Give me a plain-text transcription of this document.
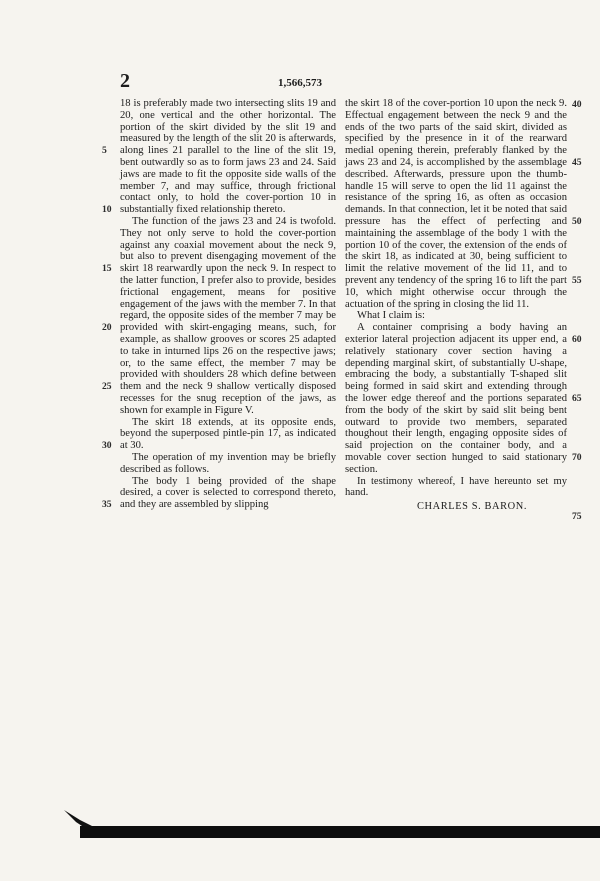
2	1,566,573

18 is preferably made two intersecting slits 19 and 20, one vertical and the other horizontal. The portion of the skirt divided by the slit 19 and measured by the length of the slit 20 is afterwards, along lines 21 parallel to the line of the slit 19, bent outwardly so as to form jaws 23 and 24. Said jaws are made to fit the opposite side walls of the member 7, and may suffice, through frictional contact only, to hold the cover-portion 10 in substantially fixed relationship thereto.

The function of the jaws 23 and 24 is twofold. They not only serve to hold the cover-portion against any coaxial movement about the neck 9, but also to prevent disengaging movement of the skirt 18 rearwardly upon the neck 9. In respect to the latter function, I prefer also to provide, besides frictional engagement, means for positive engagement of the jaws with the member 7. In that regard, the opposite sides of the member 7 may be provided with skirt-engaging means, such, for example, as shallow grooves or scores 25 adapted to take in inturned lips 26 on the respective jaws; or, to the same effect, the member 7 may be provided with shoulders 28 which define between them and the neck 9 shallow vertically disposed recesses for the snug reception of the jaws, as shown for example in Figure V.

The skirt 18 extends, at its opposite ends, beyond the superposed pintle-pin 17, as indicated at 30.

The operation of my invention may be briefly described as follows.

The body 1 being provided of the shape desired, a cover is selected to correspond thereto, and they are assembled by slipping

5
10
15
20
25
30
35

the skirt 18 of the cover-portion 10 upon the neck 9. Effectual engagement between the neck 9 and the ends of the two parts of the said skirt, divided as specified by the presence in it of the rearward medial opening therein, preferably flanked by the jaws 23 and 24, is accomplished by the assemblage described. Afterwards, pressure upon the thumb-handle 15 will serve to open the lid 11 against the resistance of the spring 16, as often as occasion demands. In that connection, let it be noted that said pressure has the effect of perfecting and maintaining the assemblage of the body 1 with the portion 10 of the cover, the extension of the ends of the skirt 18, as indicated at 30, being sufficient to limit the relative movement of the lid 11, and to prevent any tendency of the spring 16 to lift the part 10, which might otherwise occur through the actuation of the spring in closing the lid 11.

What I claim is:

A container comprising a body having an exterior lateral projection adjacent its upper end, a relatively stationary cover section having a depending marginal skirt, of substantially U-shape, embracing the body, a substantially T-shaped slit being formed in said skirt and extending through the lower edge thereof and the portions separated from the body of the skirt by said slit being bent outward to provide two members, separated thoughout their length, engaging opposite sides of said projection on the container body, and a movable cover section hunged to said stationary section.

In testimony whereof, I have hereunto set my hand.

CHARLES S. BARON.

40
45
50
55
60
65
70
75
